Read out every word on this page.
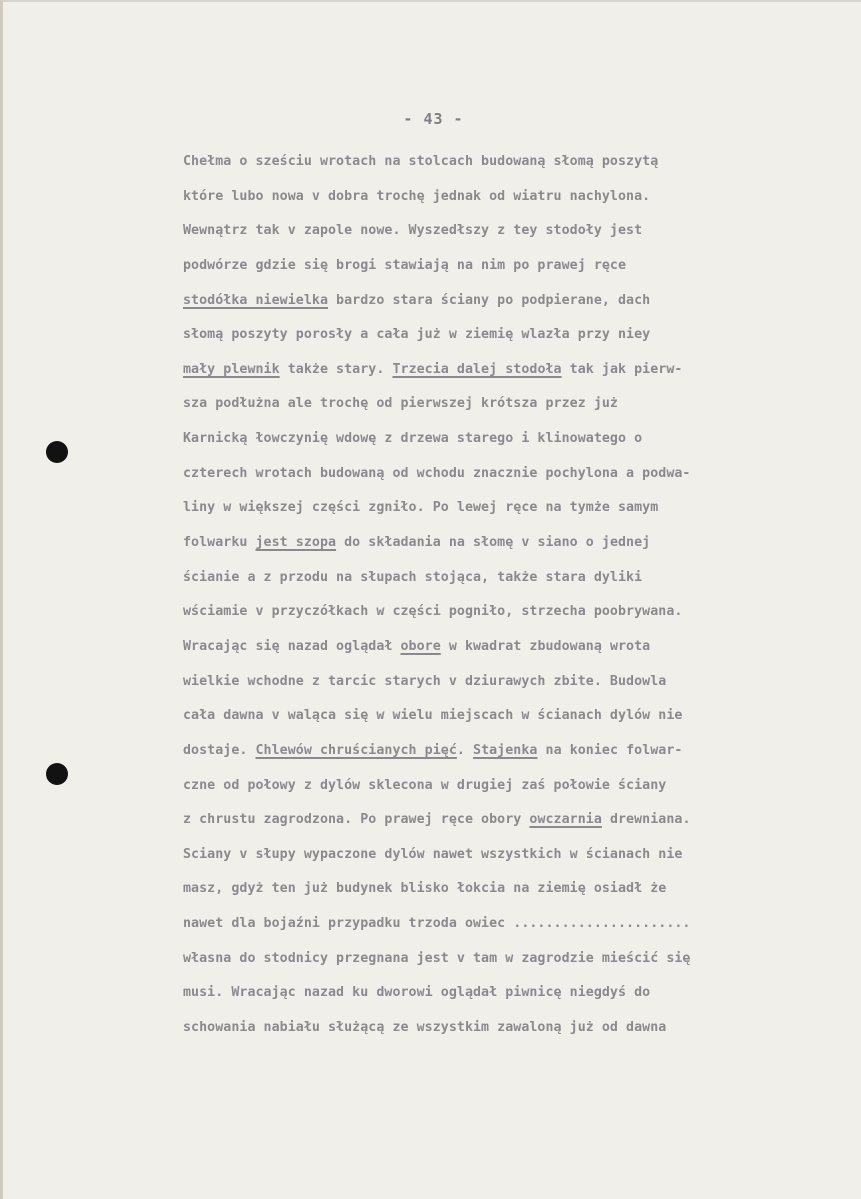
- 43 -
Chełma o sześciu wrotach na stolcach budowaną słomą poszytą
które lubo nowa v dobra trochę jednak od wiatru nachylona.
Wewnątrz tak v zapole nowe. Wyszedłszy z tey stodoły jest
podwórze gdzie się brogi stawiają na nim po prawej ręce
stodółka niewielka bardzo stara ściany po podpierane, dach
słomą poszyty porosły a cała już w ziemię wlazła przy niey
mały plewnik także stary. Trzecia dalej stodoła tak jak pierw-
sza podłużna ale trochę od pierwszej krótsza przez już
Karnicką łowczynię wdowę z drzewa starego i klinowatego o
czterech wrotach budowaną od wchodu znacznie pochylona a podwa-
liny w większej części zgniło. Po lewej ręce na tymże samym
folwarku jest szopa do składania na słomę v siano o jednej
ścianie a z przodu na słupach stojąca, także stara dyliki
wściamie v przyczółkach w części pogniło, strzecha poobrywana.
Wracając się nazad oglądał obore w kwadrat zbudowaną wrota
wielkie wchodne z tarcic starych v dziurawych zbite. Budowla
cała dawna v waląca się w wielu miejscach w ścianach dylów nie
dostaje. Chlewów chruścianych pięć. Stajenka na koniec folwar-
czne od połowy z dylów sklecona w drugiej zaś połowie ściany
z chrustu zagrodzona. Po prawej ręce obory owczarnia drewniana.
Sciany v słupy wypaczone dylów nawet wszystkich w ścianach nie
masz, gdyż ten już budynek blisko łokcia na ziemię osiadł że
nawet dla bojaźni przypadku trzoda owiec ......................
własna do stodnicy przegnana jest v tam w zagrodzie mieścić się
musi. Wracając nazad ku dworowi oglądał piwnicę niegdyś do
schowania nabiału służącą ze wszystkim zawaloną już od dawna
